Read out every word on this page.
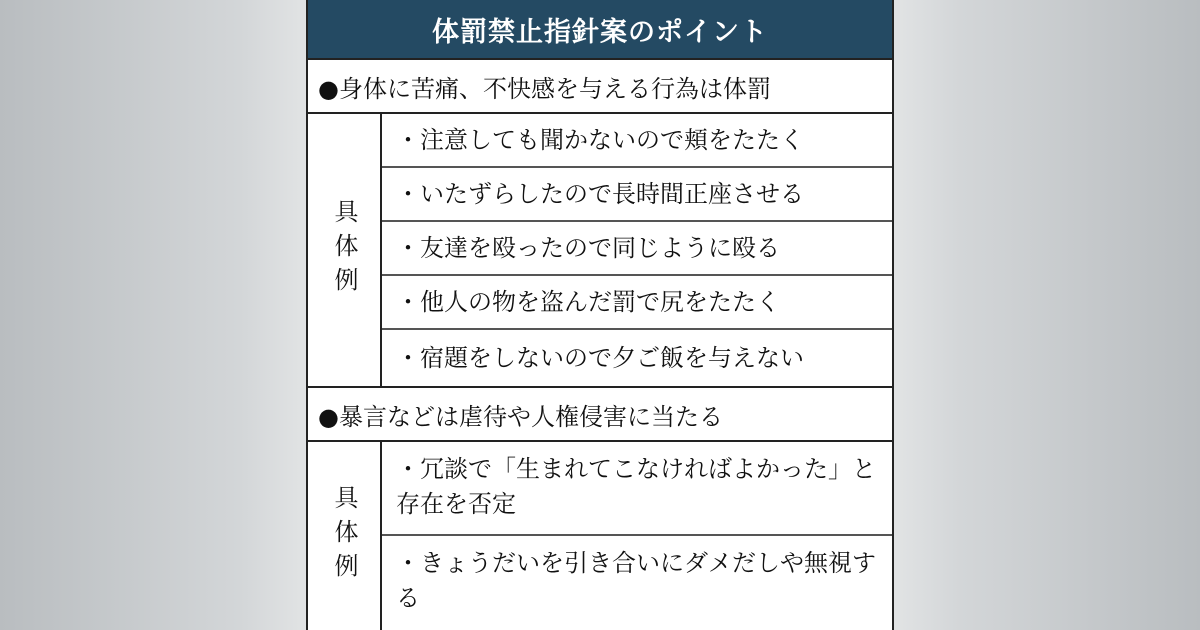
体罰禁止指針案のポイント
●身体に苦痛、不快感を与える行為は体罰
具体例
・注意しても聞かないので頬をたたく
・いたずらしたので長時間正座させる
・友達を殴ったので同じように殴る
・他人の物を盗んだ罰で尻をたたく
・宿題をしないので夕ご飯を与えない
●暴言などは虐待や人権侵害に当たる
具体例
・冗談で「生まれてこなければよかった」と存在を否定
・きょうだいを引き合いにダメだしや無視する
